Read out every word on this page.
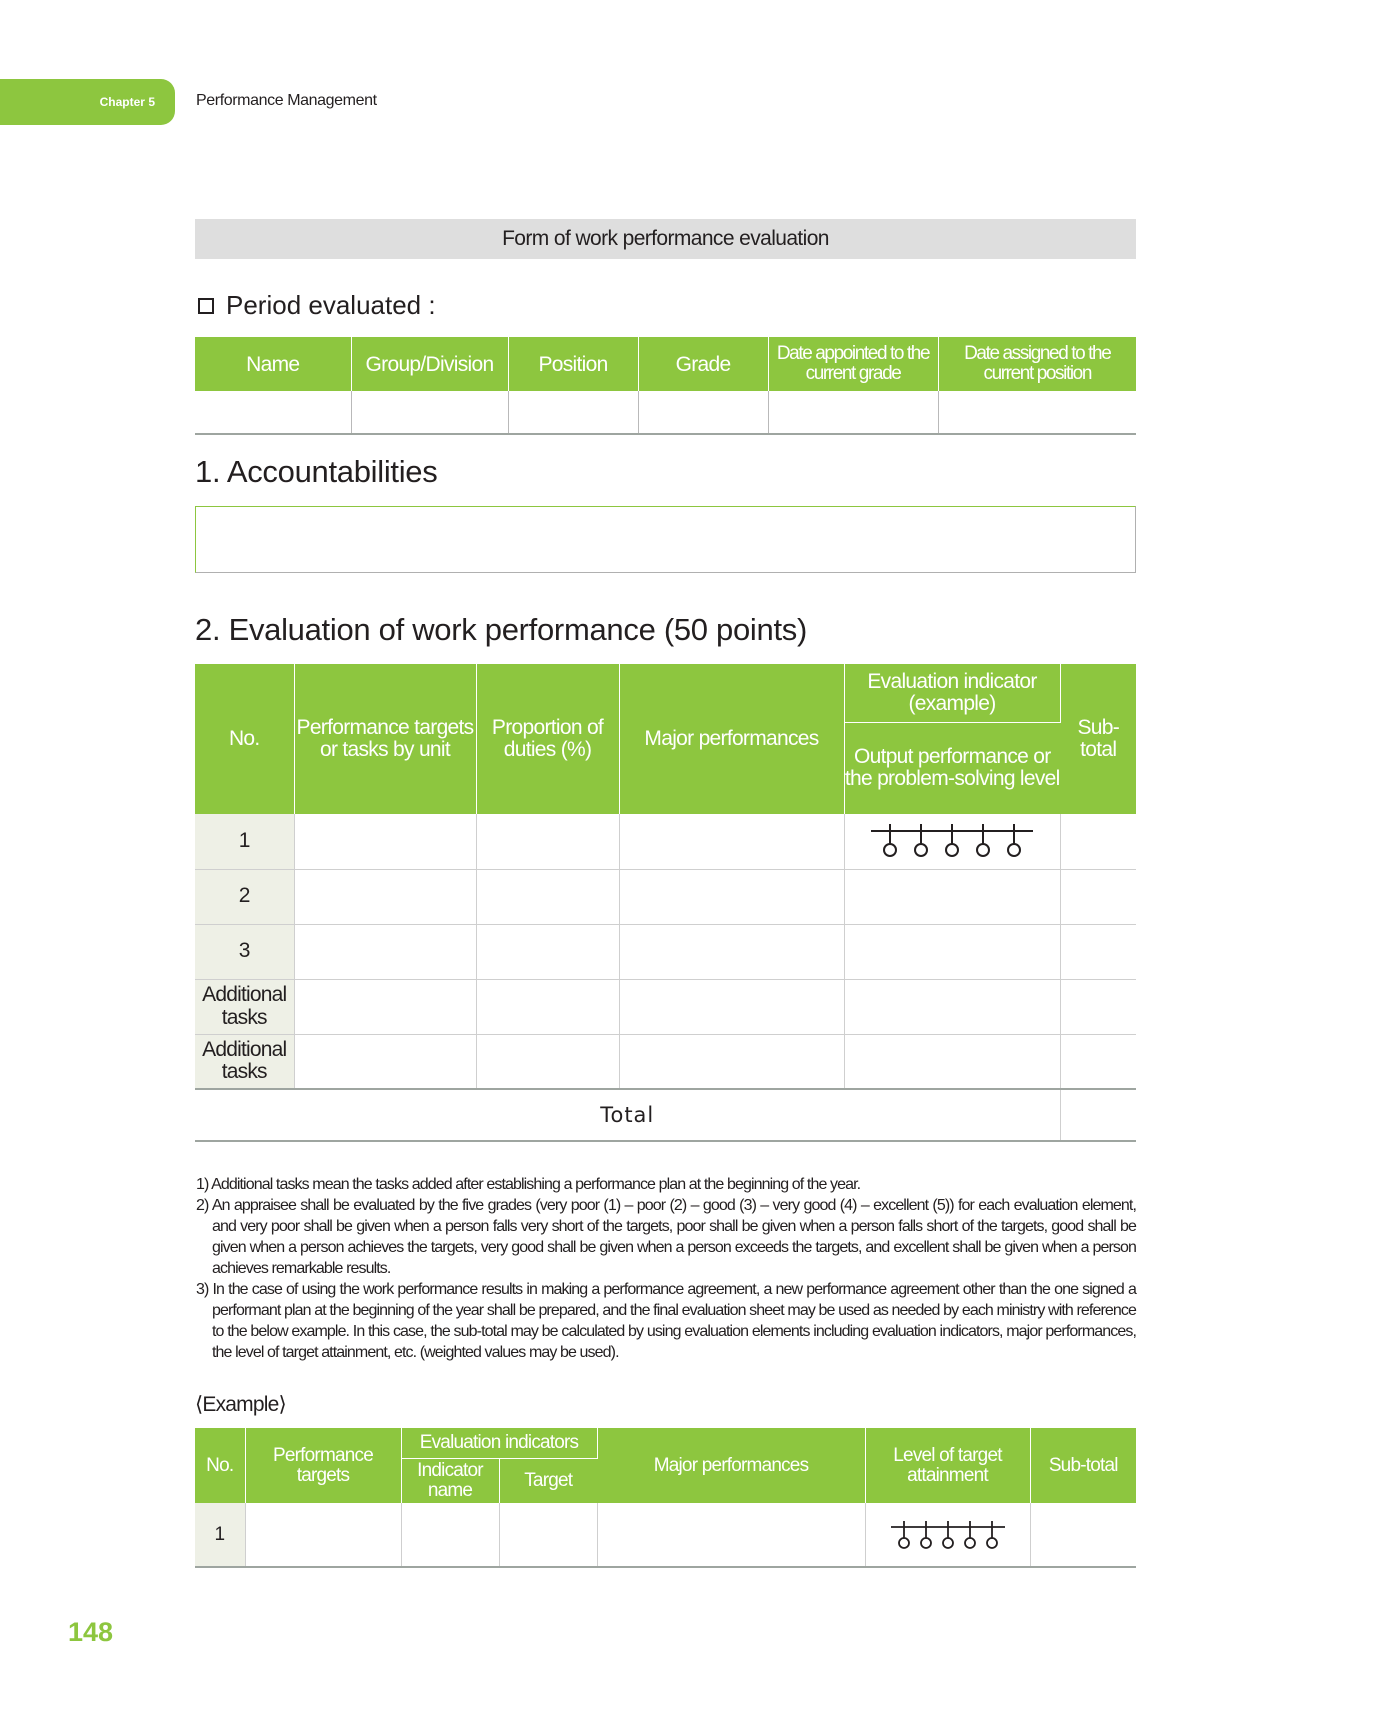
Chapter 5	Performance Management
Form of work performance evaluation
Period evaluated :
Name	Group/Division	Position	Grade	Date appointed to the current grade	Date assigned to the current position

1. Accountabilities
2. Evaluation of work performance (50 points)
No.	Performance targets or tasks by unit	Proportion of duties (%)	Major performances	Evaluation indicator (example)	Sub-total
				Output performance or the problem-solving level	
1				

2					
3					
Additional tasks					
Additional tasks					
Total					

1) Additional tasks mean the tasks added after establishing a performance plan at the beginning of the year.

2) An appraisee shall be evaluated by the five grades (very poor (1) – poor (2) – good (3) – very good (4) – excellent (5)) for each evaluation element, and very poor shall be given when a person falls very short of the targets, poor shall be given when a person falls short of the targets, good shall be given when a person achieves the targets, very good shall be given when a person exceeds the targets, and excellent shall be given when a person achieves remarkable results.

3) In the case of using the work performance results in making a performance agreement, a new performance agreement other than the one signed a performant plan at the beginning of the year shall be prepared, and the final evaluation sheet may be used as needed by each ministry with reference to the below example. In this case, the sub-total may be calculated by using evaluation elements including evaluation indicators, major performances, the level of target attainment, etc. (weighted values may be used).

⟨Example⟩
No.	Performance targets	Evaluation indicators		Major performances	Level of target attainment	Sub-total
		Indicator name	Target			
1					

148
